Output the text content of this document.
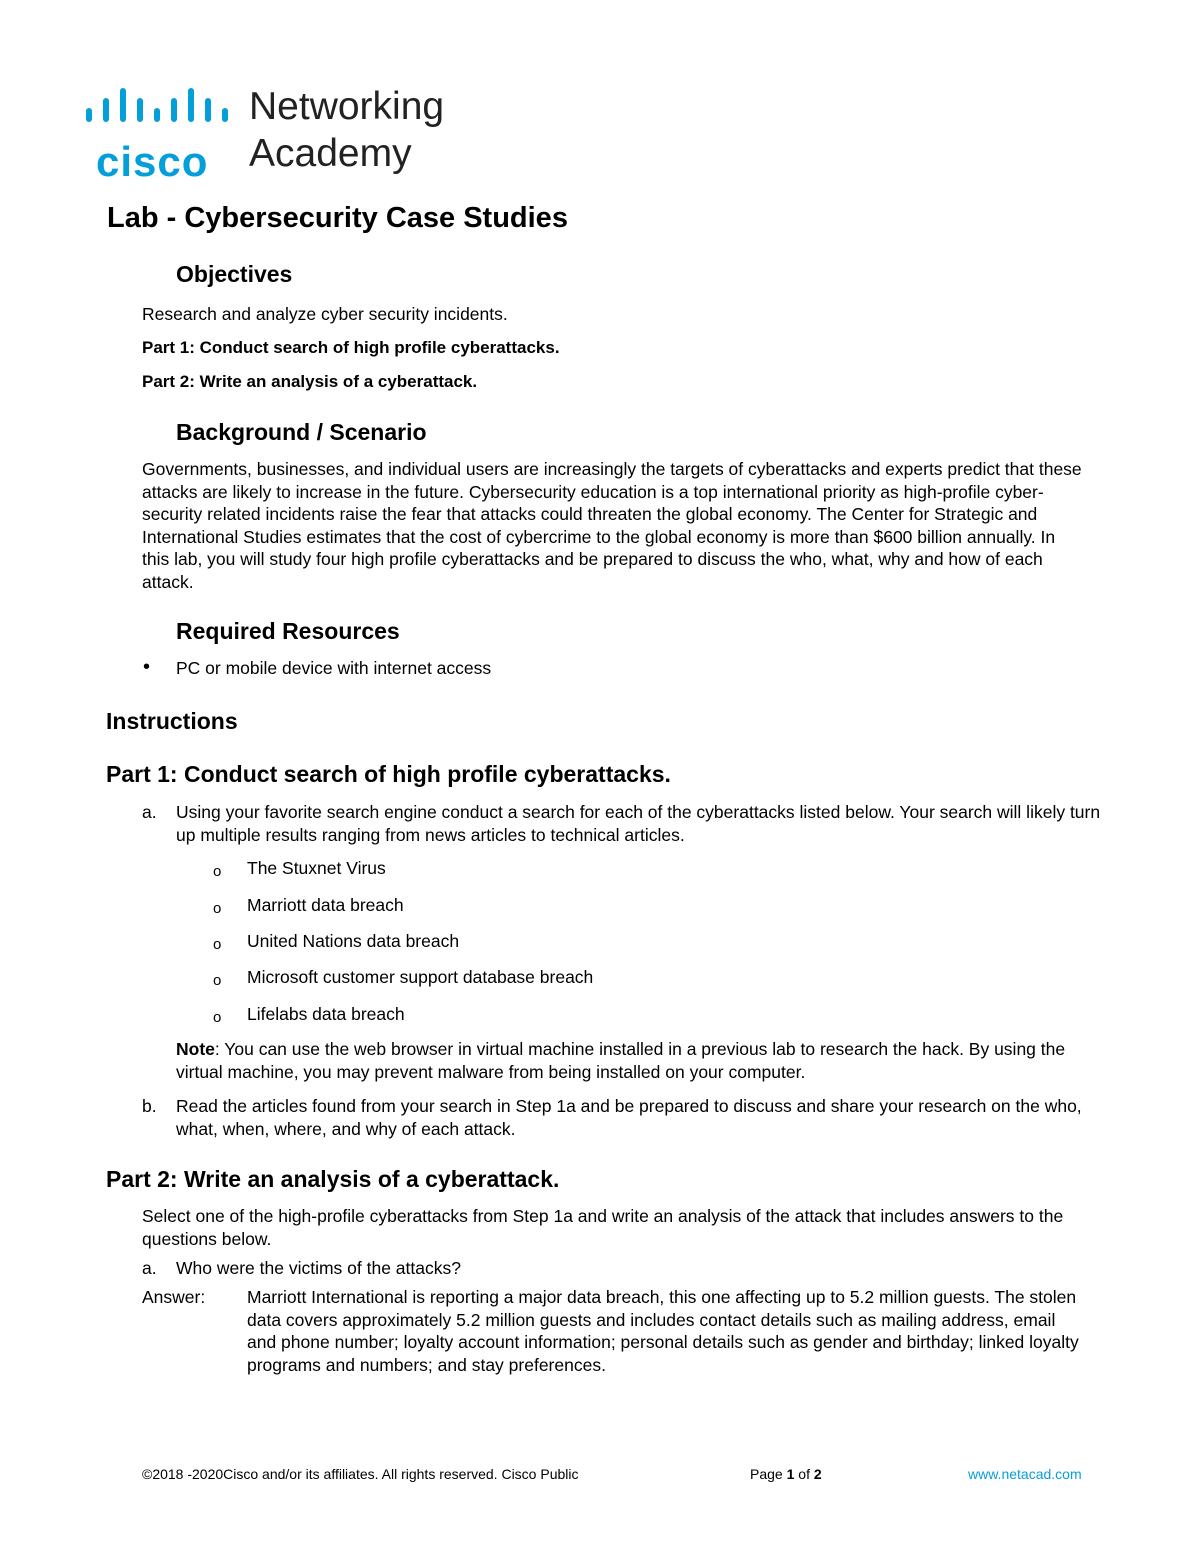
cisco
Networking
Academy
Lab - Cybersecurity Case Studies
Objectives
Research and analyze cyber security incidents.
Part 1: Conduct search of high profile cyberattacks.
Part 2: Write an analysis of a cyberattack.
Background / Scenario
Governments, businesses, and individual users are increasingly the targets of cyberattacks and experts predict that these attacks are likely to increase in the future. Cybersecurity education is a top international priority as high-profile cyber-security related incidents raise the fear that attacks could threaten the global economy. The Center for Strategic and International Studies estimates that the cost of cybercrime to the global economy is more than $600 billion annually. In this lab, you will study four high profile cyberattacks and be prepared to discuss the who, what, why and how of each attack.
Required Resources
• PC or mobile device with internet access
Instructions
Part 1: Conduct search of high profile cyberattacks.
a. Using your favorite search engine conduct a search for each of the cyberattacks listed below. Your search will likely turn up multiple results ranging from news articles to technical articles.
o The Stuxnet Virus
o Marriott data breach
o United Nations data breach
o Microsoft customer support database breach
o Lifelabs data breach
Note: You can use the web browser in virtual machine installed in a previous lab to research the hack. By using the virtual machine, you may prevent malware from being installed on your computer.
b. Read the articles found from your search in Step 1a and be prepared to discuss and share your research on the who, what, when, where, and why of each attack.
Part 2: Write an analysis of a cyberattack.
Select one of the high-profile cyberattacks from Step 1a and write an analysis of the attack that includes answers to the questions below.
a. Who were the victims of the attacks?
Answer: Marriott International is reporting a major data breach, this one affecting up to 5.2 million guests. The stolen data covers approximately 5.2 million guests and includes contact details such as mailing address, email and phone number; loyalty account information; personal details such as gender and birthday; linked loyalty programs and numbers; and stay preferences.
©2018 -2020Cisco and/or its affiliates. All rights reserved. Cisco Public	Page 1 of 2	www.netacad.com
